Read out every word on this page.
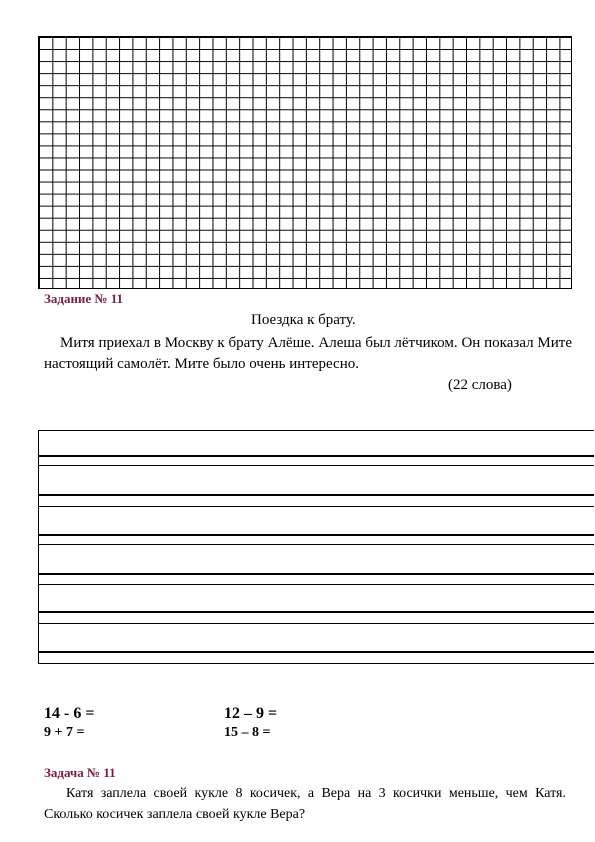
Задание № 11
Поездка к брату.

Митя приехал в Москву к брату Алёше. Алеша был лётчиком. Он показал Мите настоящий самолёт. Мите было очень интересно.

(22 слова)
14 - 6 =	12 – 9 =
9 + 7 =	15 – 8 =
Задача № 11
Катя заплела своей кукле 8 косичек, а Вера на 3 косички меньше, чем Катя. Сколько косичек заплела своей кукле Вера?
